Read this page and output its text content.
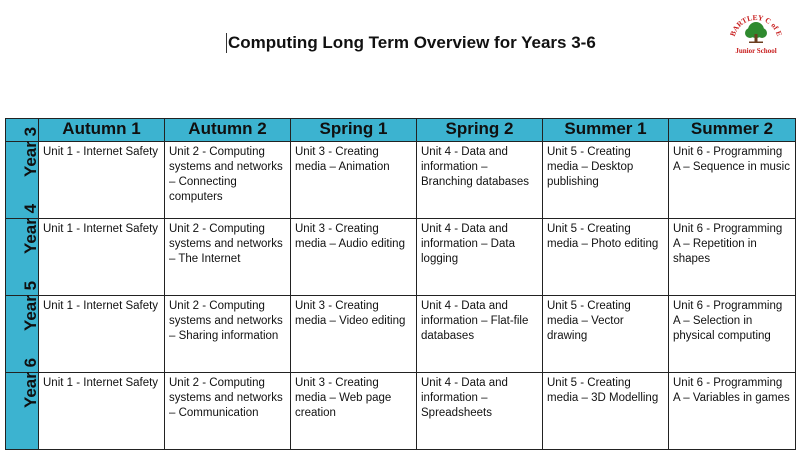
Computing Long Term Overview for Years 3-6	BARTLEY C of E
Junior School
	Autumn 1	Autumn 2	Spring 1	Spring 2	Summer 1	Summer 2
Year 3	Unit 1 - Internet Safety	Unit 2 - Computing systems and networks – Connecting computers	Unit 3 - Creating media – Animation	Unit 4 - Data and information – Branching databases	Unit 5 - Creating media – Desktop publishing	Unit 6 - Programming A – Sequence in music
Year 4	Unit 1 - Internet Safety	Unit 2 - Computing systems and networks – The Internet	Unit 3 - Creating media – Audio editing	Unit 4 - Data and information – Data logging	Unit 5 - Creating media – Photo editing	Unit 6 - Programming A – Repetition in shapes
Year 5	Unit 1 - Internet Safety	Unit 2 - Computing systems and networks – Sharing information	Unit 3 - Creating media – Video editing	Unit 4 - Data and information – Flat-file databases	Unit 5 - Creating media – Vector drawing	Unit 6 - Programming A – Selection in physical computing
Year 6	Unit 1 - Internet Safety	Unit 2 - Computing systems and networks – Communication	Unit 3 - Creating media – Web page creation	Unit 4 - Data and information – Spreadsheets	Unit 5 - Creating media – 3D Modelling	Unit 6 - Programming A – Variables in games
